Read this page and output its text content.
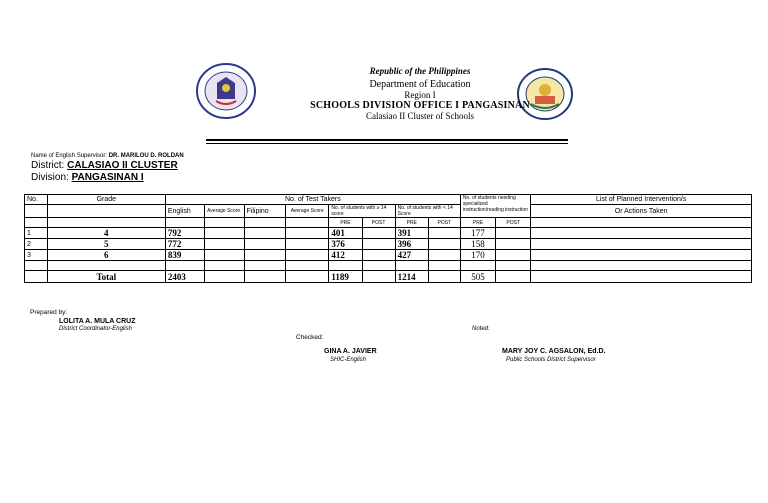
Republic of the Philippines
Department of Education
Region I
SCHOOLS DIVISION OFFICE I PANGASINAN
Calasiao II Cluster of Schools
Name of English Supervisor: DR. MARILOU D. ROLDAN
District: CALASIAO II CLUSTER
Division: PANGASINAN I
No.	Grade	No. of Test Takers								No. of students needing specialized instruction/reading instruction		List of Planned Intervention/s
		English	Average Score	Filipino	Average Score	No. of students with ≥ 14 score		No. of students with < 14 Score				Or Actions Taken
						PRE	POST	PRE	POST	PRE	POST	
1	4	792				401		391		177		
2	5	772				376		396		158		
3	6	839				412		427		170		

	Total	2403				1189		1214		505		
Prepared by:
LOLITA A. MULA CRUZ
District Coordinator-English
Checked:
GINA A. JAVIER
SHIC-English
Noted:
MARY JOY C. AGSALON, Ed.D.
Public Schools District Supervisor
